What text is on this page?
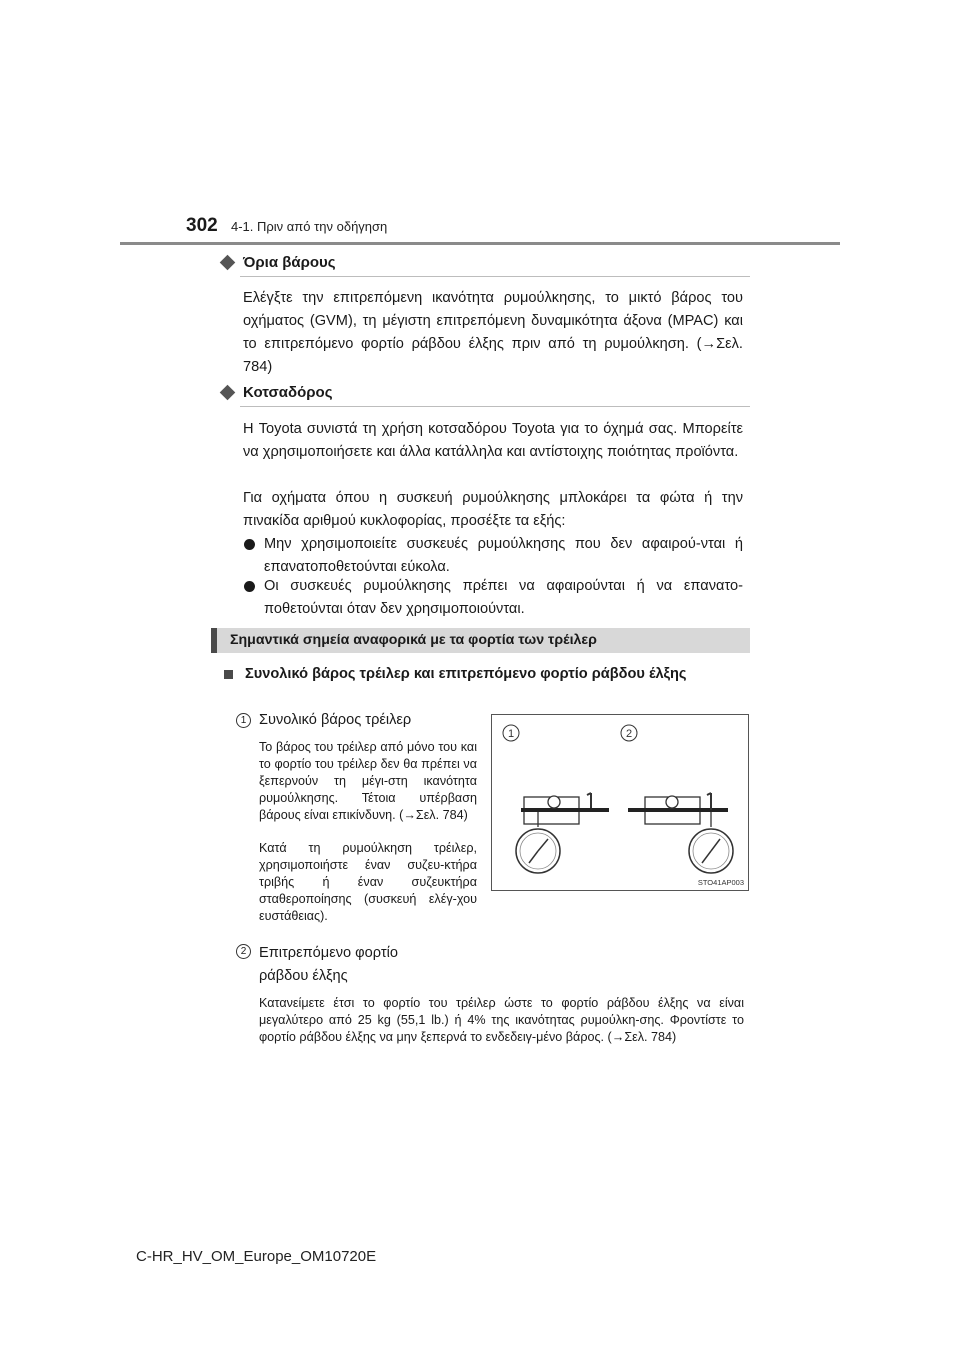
302 4-1. Πριν από την οδήγηση
Όρια βάρους
Ελέγξτε την επιτρεπόμενη ικανότητα ρυμούλκησης, το μικτό βάρος του οχήματος (GVM), τη μέγιστη επιτρεπόμενη δυναμικότητα άξονα (MPAC) και το επιτρεπόμενο φορτίο ράβδου έλξης πριν από τη ρυμούλκηση. (→Σελ. 784)
Κοτσαδόρος
Η Toyota συνιστά τη χρήση κοτσαδόρου Toyota για το όχημά σας. Μπορείτε να χρησιμοποιήσετε και άλλα κατάλληλα και αντίστοιχης ποιότητας προϊόντα.
Για οχήματα όπου η συσκευή ρυμούλκησης μπλοκάρει τα φώτα ή την πινακίδα αριθμού κυκλοφορίας, προσέξτε τα εξής:
Μην χρησιμοποιείτε συσκευές ρυμούλκησης που δεν αφαιρού-νται ή επανατοποθετούνται εύκολα.
Οι συσκευές ρυμούλκησης πρέπει να αφαιρούνται ή να επανατο-ποθετούνται όταν δεν χρησιμοποιούνται.
Σημαντικά σημεία αναφορικά με τα φορτία των τρέιλερ
Συνολικό βάρος τρέιλερ και επιτρεπόμενο φορτίο ράβδου έλξης
1 Συνολικό βάρος τρέιλερ
Το βάρος του τρέιλερ από μόνο του και το φορτίο του τρέιλερ δεν θα πρέπει να ξεπερνούν τη μέγι-στη ικανότητα ρυμούλκησης. Τέτοια υπέρβαση βάρους είναι επικίνδυνη. (→Σελ. 784)
Κατά τη ρυμούλκηση τρέιλερ, χρησιμοποιήστε έναν συζευ-κτήρα τριβής ή έναν συζευκτήρα σταθεροποίησης (συσκευή ελέγ-χου ευστάθειας).
1	2
STO41AP003
2 Επιτρεπόμενο φορτίο
ράβδου έλξης
Κατανείμετε έτσι το φορτίο του τρέιλερ ώστε το φορτίο ράβδου έλξης να είναι μεγαλύτερο από 25 kg (55,1 lb.) ή 4% της ικανότητας ρυμούλκη-σης. Φροντίστε το φορτίο ράβδου έλξης να μην ξεπερνά το ενδεδειγ-μένο βάρος. (→Σελ. 784)
C-HR_HV_OM_Europe_OM10720E
